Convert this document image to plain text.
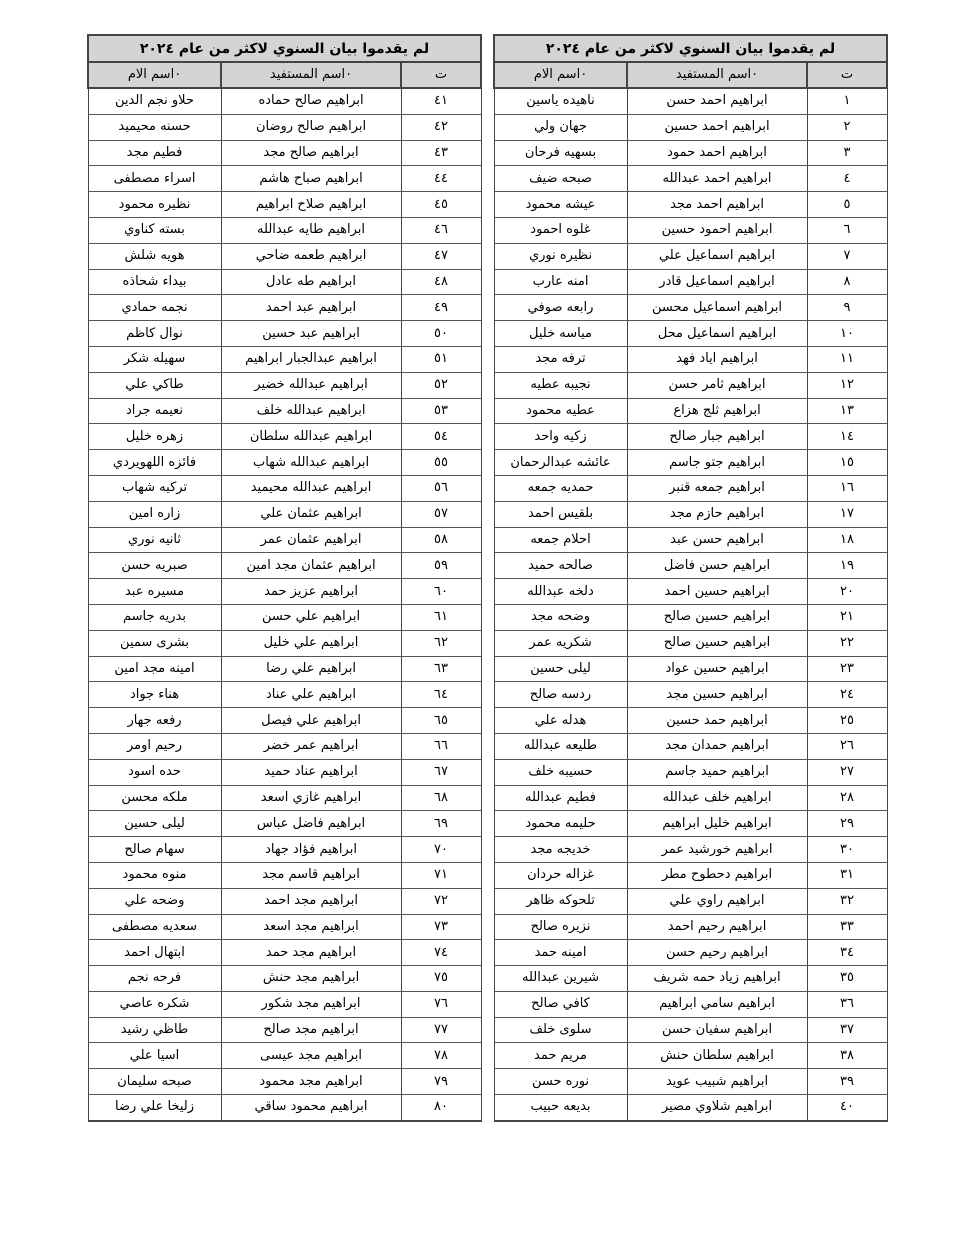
لم يقدموا بيان السنوي لاكثر من عام ٢٠٢٤		
ت	٠اسم المستفيد	٠اسم الام
١	ابراهيم احمد حسن	ناهيده ياسين
٢	ابراهيم احمد حسين	جهان ولي
٣	ابراهيم احمد حمود	بسهيه فرحان
٤	ابراهيم احمد عبدالله	صبحه ضيف
٥	ابراهيم احمد مجد	عيشه محمود
٦	ابراهيم احمود حسين	غلوه احمود
٧	ابراهيم اسماعيل علي	نظيره نوري
٨	ابراهيم اسماعيل قادر	امنه عارب
٩	ابراهيم اسماعيل محسن	رابعه صوفي
١٠	ابراهيم اسماعيل محل	مياسه خليل
١١	ابراهيم اياد فهد	ترفه مجد
١٢	ابراهيم ثامر حسن	نجيبه عطيه
١٣	ابراهيم ثلج هزاع	عطيه محمود
١٤	ابراهيم جبار صالح	زكيه واحد
١٥	ابراهيم جتو جاسم	عائشه عبدالرحمان
١٦	ابراهيم جمعه قنبر	حمديه جمعه
١٧	ابراهيم حازم مجد	بلقيس احمد
١٨	ابراهيم حسن عبد	احلام جمعه
١٩	ابراهيم حسن فاضل	صالحه حميد
٢٠	ابراهيم حسين احمد	دلخه عبدالله
٢١	ابراهيم حسين صالح	وضحه مجد
٢٢	ابراهيم حسين صالح	شكريه عمر
٢٣	ابراهيم حسين عواد	ليلى حسين
٢٤	ابراهيم حسين مجد	ردسه صالح
٢٥	ابراهيم حمد حسين	هدله علي
٢٦	ابراهيم حمدان مجد	طليعه عبدالله
٢٧	ابراهيم حميد جاسم	حسيبه خلف
٢٨	ابراهيم خلف عبدالله	فطيم عبدالله
٢٩	ابراهيم خليل ابراهيم	حليمه محمود
٣٠	ابراهيم خورشيد عمر	خديجه مجد
٣١	ابراهيم دحطوح مطر	غزاله حردان
٣٢	ابراهيم راوي علي	تلحوكه ظاهر
٣٣	ابراهيم رحيم احمد	نزيره صالح
٣٤	ابراهيم رحيم حسن	امينه حمد
٣٥	ابراهيم زياد حمه شريف	شيرين عبدالله
٣٦	ابراهيم سامي ابراهيم	كافي صالح
٣٧	ابراهيم سفيان حسن	سلوى خلف
٣٨	ابراهيم سلطان حنش	مريم حمد
٣٩	ابراهيم شبيب عويد	نوره حسن
٤٠	ابراهيم شلاوي مصير	بديعه حبيب
لم يقدموا بيان السنوي لاكثر من عام ٢٠٢٤		
ت	٠اسم المستفيد	٠اسم الام
٤١	ابراهيم صالح حماده	حلاو نجم الدين
٤٢	ابراهيم صالح روضان	حسنه محيميد
٤٣	ابراهيم صالح مجد	فطيم مجد
٤٤	ابراهيم صباح هاشم	اسراء مصطفى
٤٥	ابراهيم صلاح ابراهيم	نظيره محمود
٤٦	ابراهيم طايه عبدالله	بسته كناوي
٤٧	ابراهيم طعمه ضاحي	هويه شلش
٤٨	ابراهيم طه عادل	بيداء شحاذه
٤٩	ابراهيم عبد احمد	نجمه حمادي
٥٠	ابراهيم عبد حسين	نوال كاظم
٥١	ابراهيم عبدالجبار ابراهيم	سهيله شكر
٥٢	ابراهيم عبدالله خضير	طاكي علي
٥٣	ابراهيم عبدالله خلف	نعيمه جراد
٥٤	ابراهيم عبدالله سلطان	زهره خليل
٥٥	ابراهيم عبدالله شهاب	فائزه اللهويردي
٥٦	ابراهيم عبدالله محيميد	تركيه شهاب
٥٧	ابراهيم عثمان علي	زاره امين
٥٨	ابراهيم عثمان عمر	ثانيه نوري
٥٩	ابراهيم عثمان مجد امين	صبريه حسن
٦٠	ابراهيم عزيز حمد	مسيره عبد
٦١	ابراهيم علي حسن	بدريه جاسم
٦٢	ابراهيم علي خليل	بشرى سمين
٦٣	ابراهيم علي رضا	امينه مجد امين
٦٤	ابراهيم علي عناد	هناء جواد
٦٥	ابراهيم علي فيصل	رفعه جهار
٦٦	ابراهيم عمر خضر	رحيم اومر
٦٧	ابراهيم عناد حميد	حده اسود
٦٨	ابراهيم غازي اسعد	ملكه محسن
٦٩	ابراهيم فاضل عباس	ليلى حسين
٧٠	ابراهيم فؤاد جهاد	سهام صالح
٧١	ابراهيم قاسم مجد	منوه محمود
٧٢	ابراهيم مجد احمد	وضحه علي
٧٣	ابراهيم مجد اسعد	سعديه مصطفى
٧٤	ابراهيم مجد حمد	ابتهال احمد
٧٥	ابراهيم مجد حنش	فرحه نجم
٧٦	ابراهيم مجد شكور	شكره عاصي
٧٧	ابراهيم مجد صالح	طاظي رشيد
٧٨	ابراهيم مجد عيسى	اسيا علي
٧٩	ابراهيم مجد محمود	صبحه سليمان
٨٠	ابراهيم محمود ساقي	زليخا علي رضا
